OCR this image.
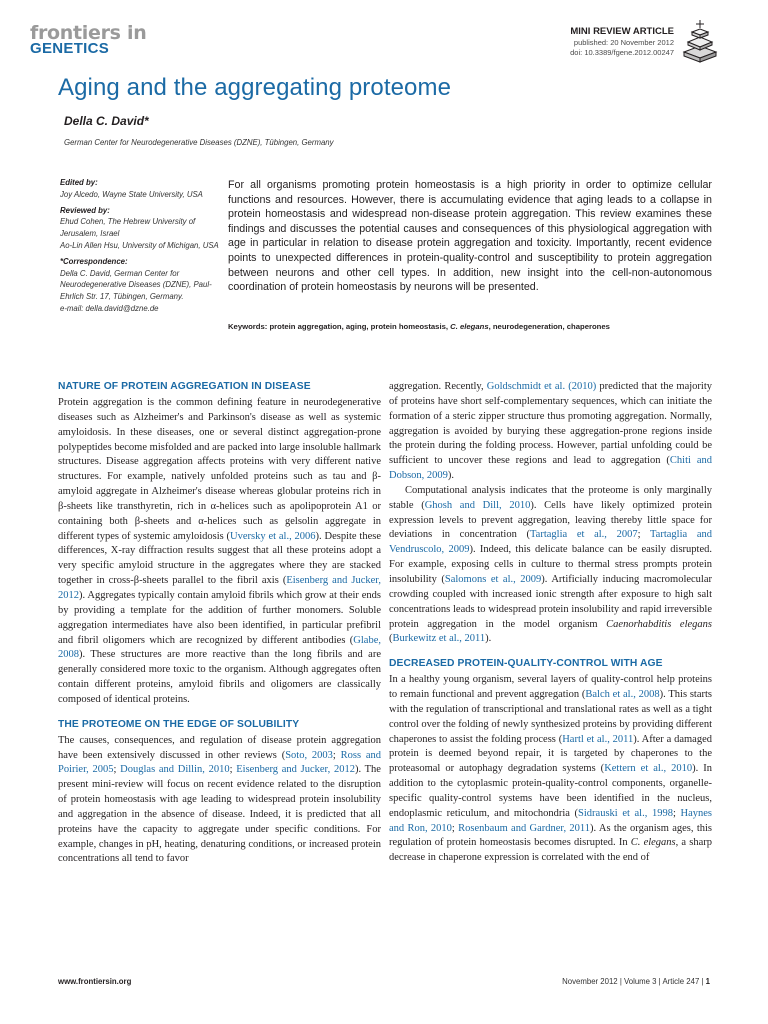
frontiers in
GENETICS
MINI REVIEW ARTICLE
published: 20 November 2012
doi: 10.3389/fgene.2012.00247
Aging and the aggregating proteome
Della C. David*
German Center for Neurodegenerative Diseases (DZNE), Tübingen, Germany

Edited by:

Joy Alcedo, Wayne State University, USA

Reviewed by:

Ehud Cohen, The Hebrew University of Jerusalem, Israel

Ao-Lin Allen Hsu, University of Michigan, USA

*Correspondence:

Della C. David, German Center for Neurodegenerative Diseases (DZNE), Paul-Ehrlich Str. 17, Tübingen, Germany.

e-mail: della.david@dzne.de

For all organisms promoting protein homeostasis is a high priority in order to optimize cellular functions and resources. However, there is accumulating evidence that aging leads to a collapse in protein homeostasis and widespread non-disease protein aggregation. This review examines these findings and discusses the potential causes and consequences of this physiological aggregation with age in particular in relation to disease protein aggregation and toxicity. Importantly, recent evidence points to unexpected differences in protein-quality-control and susceptibility to protein aggregation between neurons and other cell types. In addition, new insight into the cell-non-autonomous coordination of protein homeostasis by neurons will be presented.
Keywords: protein aggregation, aging, protein homeostasis, C. elegans, neurodegeneration, chaperones
NATURE OF PROTEIN AGGREGATION IN DISEASE

Protein aggregation is the common defining feature in neurodegenerative diseases such as Alzheimer's and Parkinson's disease as well as systemic amyloidosis. In these diseases, one or several distinct aggregation-prone polypeptides become misfolded and are packed into large insoluble hallmark structures. Disease aggregation affects proteins with very different native structures. For example, natively unfolded proteins such as tau and β-amyloid aggregate in Alzheimer's disease whereas globular proteins rich in β-sheets like transthyretin, rich in α-helices such as apolipoprotein A1 or containing both β-sheets and α-helices such as gelsolin aggregate in different types of systemic amyloidosis (Uversky et al., 2006). Despite these differences, X-ray diffraction results suggest that all these proteins adopt a very specific amyloid structure in the aggregates where they are stacked together in cross-β-sheets parallel to the fibril axis (Eisenberg and Jucker, 2012). Aggregates typically contain amyloid fibrils which grow at their ends by providing a template for the addition of further monomers. Soluble aggregation intermediates have also been identified, in particular prefibril and fibril oligomers which are recognized by different antibodies (Glabe, 2008). These structures are more reactive than the long fibrils and are generally considered more toxic to the organism. Although aggregates often contain different proteins, amyloid fibrils and oligomers are classically composed of identical proteins.

THE PROTEOME ON THE EDGE OF SOLUBILITY

The causes, consequences, and regulation of disease protein aggregation have been extensively discussed in other reviews (Soto, 2003; Ross and Poirier, 2005; Douglas and Dillin, 2010; Eisenberg and Jucker, 2012). The present mini-review will focus on recent evidence related to the disruption of protein homeostasis with age leading to widespread protein insolubility and aggregation in the absence of disease. Indeed, it is predicted that all proteins have the capacity to aggregate under specific conditions. For example, changes in pH, heating, denaturing conditions, or increased protein concentrations all tend to favor

aggregation. Recently, Goldschmidt et al. (2010) predicted that the majority of proteins have short self-complementary sequences, which can initiate the formation of a steric zipper structure thus promoting aggregation. Normally, aggregation is avoided by burying these aggregation-prone regions inside the protein during the folding process. However, partial unfolding could be sufficient to uncover these regions and lead to aggregation (Chiti and Dobson, 2009).

Computational analysis indicates that the proteome is only marginally stable (Ghosh and Dill, 2010). Cells have likely optimized protein expression levels to prevent aggregation, leaving thereby little space for deviations in concentration (Tartaglia et al., 2007; Tartaglia and Vendruscolo, 2009). Indeed, this delicate balance can be easily disrupted. For example, exposing cells in culture to thermal stress prompts protein insolubility (Salomons et al., 2009). Artificially inducing macromolecular crowding coupled with increased ionic strength after exposure to high salt concentrations leads to widespread protein insolubility and rapid irreversible protein aggregation in the model organism Caenorhabditis elegans (Burkewitz et al., 2011).

DECREASED PROTEIN-QUALITY-CONTROL WITH AGE

In a healthy young organism, several layers of quality-control help proteins to remain functional and prevent aggregation (Balch et al., 2008). This starts with the regulation of transcriptional and translational rates as well as a tight control over the folding of newly synthesized proteins by providing different chaperones to assist the folding process (Hartl et al., 2011). After a damaged protein is deemed beyond repair, it is targeted by chaperones to the proteasomal or autophagy degradation systems (Kettern et al., 2010). In addition to the cytoplasmic protein-quality-control components, organelle-specific quality-control systems have been identified in the nucleus, endoplasmic reticulum, and mitochondria (Sidrauski et al., 1998; Haynes and Ron, 2010; Rosenbaum and Gardner, 2011). As the organism ages, this regulation of protein homeostasis becomes disrupted. In C. elegans, a sharp decrease in chaperone expression is correlated with the end of

www.frontiersin.org	November 2012 | Volume 3 | Article 247 | 1
